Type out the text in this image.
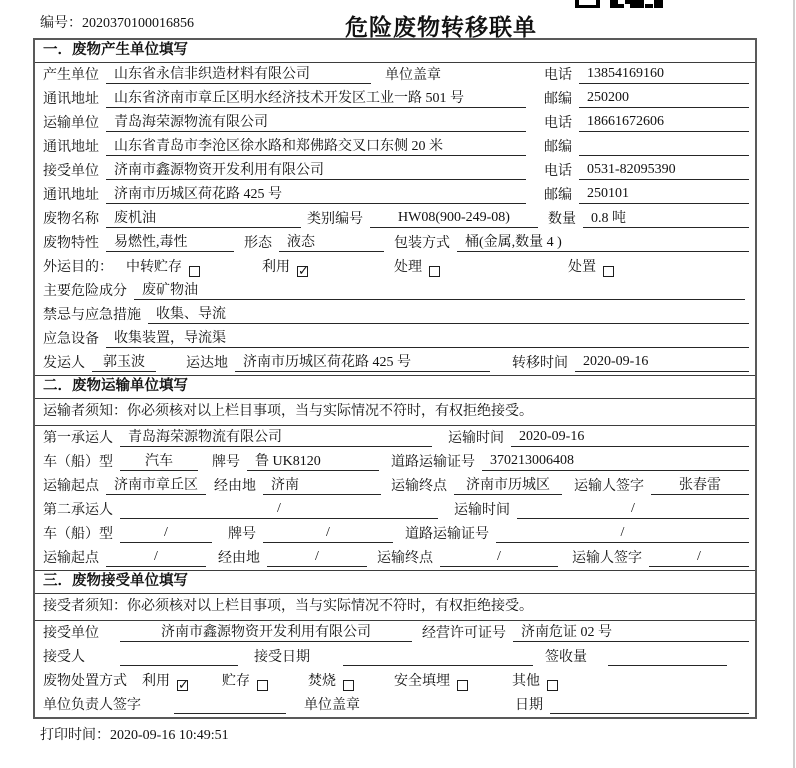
编号：2020370100016856	危险废物转移联单
一．废物产生单位填写
产生单位	山东省永信非织造材料有限公司	单位盖章	电话	13854169160
通讯地址	山东省济南市章丘区明水经济技术开发区工业一路 501 号	邮编	250200
运输单位	青岛海荣源物流有限公司	电话	18661672606
通讯地址	山东省青岛市李沧区徐水路和郑佛路交叉口东侧 20 米	邮编
接受单位	济南市鑫源物资开发利用有限公司	电话	0531-82095390
通讯地址	济南市历城区荷花路 425 号	邮编	250101
废物名称	废机油	类别编号	HW08(900-249-08)	数量	0.8 吨
废物特性	易燃性,毒性	形态	液态	包装方式	桶(金属,数量 4 )
外运目的： 中转贮存	利用 ✓	处理	处置
主要危险成分	废矿物油
禁忌与应急措施	收集、导流
应急设备	收集装置，导流渠
发运人	郭玉波	运达地	济南市历城区荷花路 425 号	转移时间	2020-09-16
二．废物运输单位填写
运输者须知：你必须核对以上栏目事项，当与实际情况不符时，有权拒绝接受。
第一承运人	青岛海荣源物流有限公司	运输时间	2020-09-16
车（船）型	汽车	牌号	鲁 UK8120	道路运输证号	370213006408
运输起点	济南市章丘区	经由地	济南	运输终点	济南市历城区	运输人签字	张春雷
第二承运人	/	运输时间	/
车（船）型	/	牌号	/	道路运输证号	/
运输起点	/	经由地	/	运输终点	/	运输人签字	/
三．废物接受单位填写
接受者须知：你必须核对以上栏目事项，当与实际情况不符时，有权拒绝接受。
接受单位	济南市鑫源物资开发利用有限公司	经营许可证号	济南危证 02 号
接受人	接受日期	签收量
废物处置方式 利用 ✓	贮存	焚烧	安全填埋	其他
单位负责人签字	单位盖章	日期
打印时间：2020-09-16 10:49:51
